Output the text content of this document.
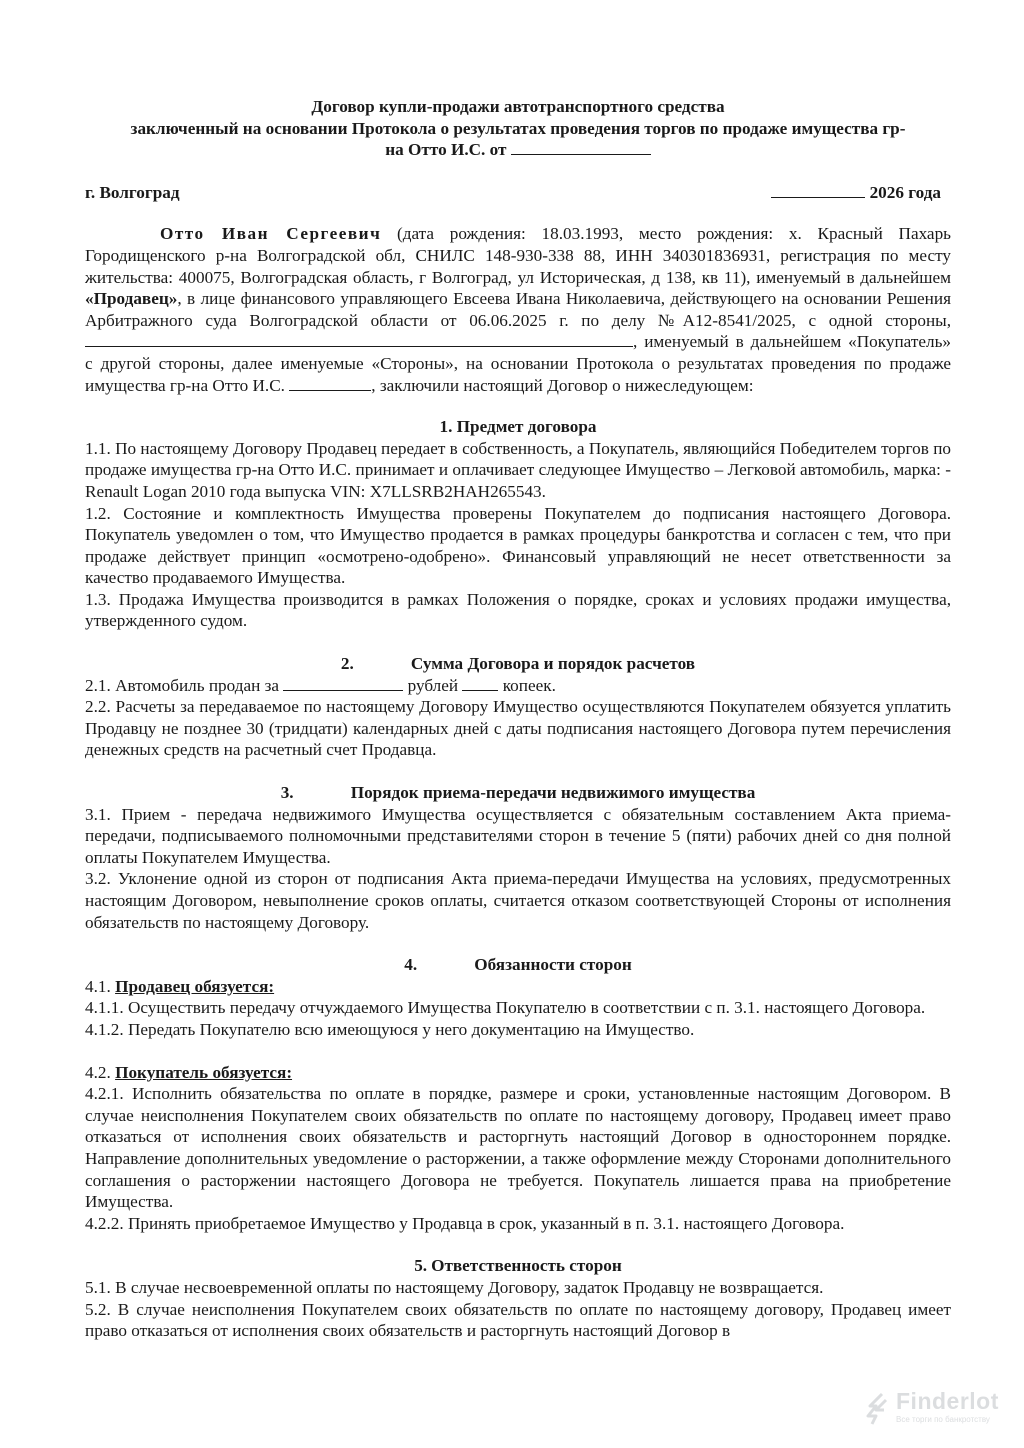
Договор купли-продажи автотранспортного средства

заключенный на основании Протокола о результатах проведения торгов по продаже имущества гр-

на Отто И.С. от

г. Волгоград	2026 года

Отто Иван Сергеевич (дата рождения: 18.03.1993, место рождения: х. Красный Пахарь Городищенского р-на Волгоградской обл, СНИЛС 148-930-338 88, ИНН 340301836931, регистрация по месту жительства: 400075, Волгоградская область, г Волгоград, ул Историческая, д 138, кв 11), именуемый в дальнейшем «Продавец», в лице финансового управляющего Евсеева Ивана Николаевича, действующего на основании Решения Арбитражного суда Волгоградской области от 06.06.2025 г. по делу №А12-8541/2025, с одной стороны,, именуемый в дальнейшем «Покупатель» с другой стороны, далее именуемые «Стороны», на основании Протокола о результатах проведения по продаже имущества гр-на Отто И.С.	, заключили настоящий Договор о нижеследующем:

1. Предмет договора

1.1. По настоящему Договору Продавец передает в собственность, а Покупатель, являющийся Победителем торгов по продаже имущества гр-на Отто И.С. принимает и оплачивает следующее Имущество – Легковой автомобиль, марка: -Renault Logan 2010 года выпуска VIN: X7LLSRB2HAH265543.

1.2. Состояние и комплектность Имущества проверены Покупателем до подписания настоящего Договора. Покупатель уведомлен о том, что Имущество продается в рамках процедуры банкротства и согласен с тем, что при продаже действует принцип «осмотрено-одобрено». Финансовый управляющий не несет ответственности за качество продаваемого Имущества.

1.3. Продажа Имущества производится в рамках Положения о порядке, сроках и условиях продажи имущества, утвержденного судом.

2.	Сумма Договора и порядок расчетов

2.1. Автомобиль продан за	рублей	копеек.

2.2. Расчеты за передаваемое по настоящему Договору Имущество осуществляются Покупателем обязуется уплатить Продавцу не позднее 30 (тридцати) календарных дней с даты подписания настоящего Договора путем перечисления денежных средств на расчетный счет Продавца.

3.	Порядок приема-передачи недвижимого имущества

3.1. Прием - передача недвижимого Имущества осуществляется с обязательным составлением Акта приема-передачи, подписываемого полномочными представителями сторон в течение 5 (пяти) рабочих дней со дня полной оплаты Покупателем Имущества.

3.2. Уклонение одной из сторон от подписания Акта приема-передачи Имущества на условиях, предусмотренных настоящим Договором, невыполнение сроков оплаты, считается отказом соответствующей Стороны от исполнения обязательств по настоящему Договору.

4.	Обязанности сторон

4.1. Продавец обязуется:

4.1.1. Осуществить передачу отчуждаемого Имущества Покупателю в соответствии с п. 3.1. настоящего Договора.

4.1.2. Передать Покупателю всю имеющуюся у него документацию на Имущество.

4.2. Покупатель обязуется:

4.2.1. Исполнить обязательства по оплате в порядке, размере и сроки, установленные настоящим Договором. В случае неисполнения Покупателем своих обязательств по оплате по настоящему договору, Продавец имеет право отказаться от исполнения своих обязательств и расторгнуть настоящий Договор в одностороннем порядке. Направление дополнительных уведомление о расторжении, а также оформление между Сторонами дополнительного соглашения о расторжении настоящего Договора не требуется. Покупатель лишается права на приобретение Имущества.

4.2.2. Принять приобретаемое Имущество у Продавца в срок, указанный в п. 3.1. настоящего Договора.

5. Ответственность сторон

5.1. В случае несвоевременной оплаты по настоящему Договору, задаток Продавцу не возвращается.

5.2. В случае неисполнения Покупателем своих обязательств по оплате по настоящему договору, Продавец имеет право отказаться от исполнения своих обязательств и расторгнуть настоящий Договор в

Finderlot
Все торги по банкротству
